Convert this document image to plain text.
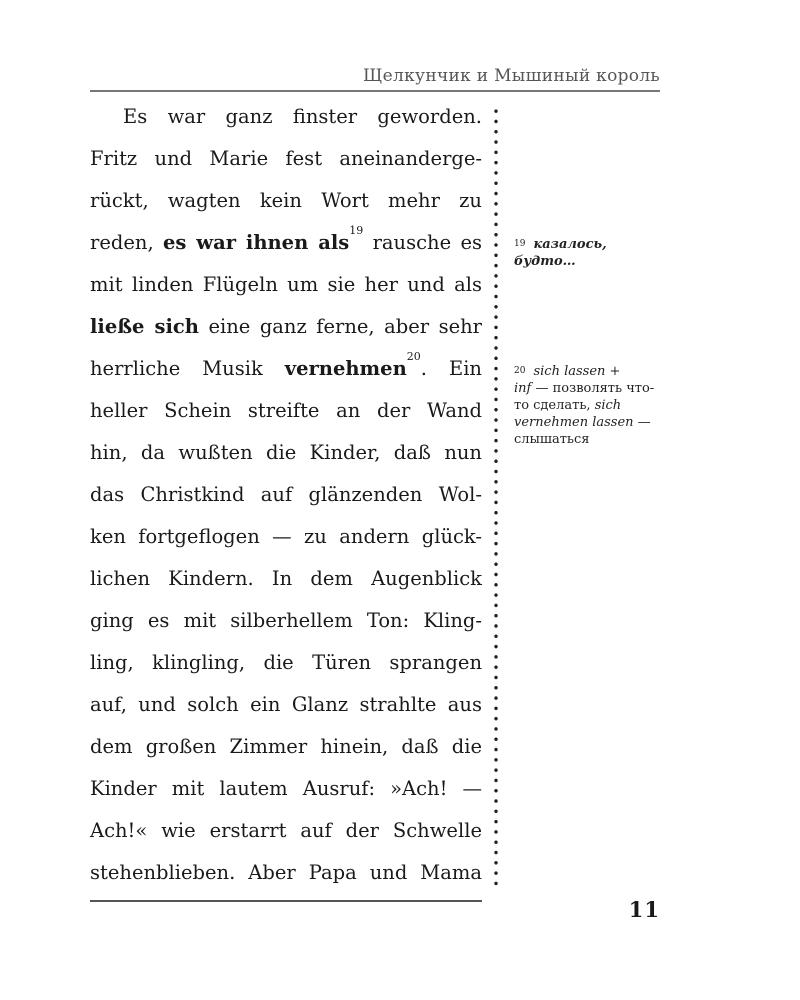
Щелкунчик и Мышиный король

Es war ganz finster geworden.
Fritz und Marie fest aneinanderge-
rückt, wagten kein Wort mehr zu
reden, es war ihnen als$^{19}$ rausche es
mit linden Flügeln um sie her und als
ließe sich eine ganz ferne, aber sehr
herrliche Musik vernehmen$^{20}$. Ein
heller Schein streifte an der Wand
hin, da wußten die Kinder, daß nun
das Christkind auf glänzenden Wol-
ken fortgeflogen — zu andern glück-
lichen Kindern. In dem Augenblick
ging es mit silberhellem Ton: Kling-
ling, klingling, die Türen sprangen
auf, und solch ein Glanz strahlte aus
dem großen Zimmer hinein, daß die
Kinder mit lautem Ausruf: »Ach! —
Ach!« wie erstarrt auf der Schwelle
stehenblieben. Aber Papa und Mama

$^{19}$ казалось, будто…
$^{20}$ sich lassen +
inf — позволять что-то сделать, sich vernehmen lassen — слышаться
11
